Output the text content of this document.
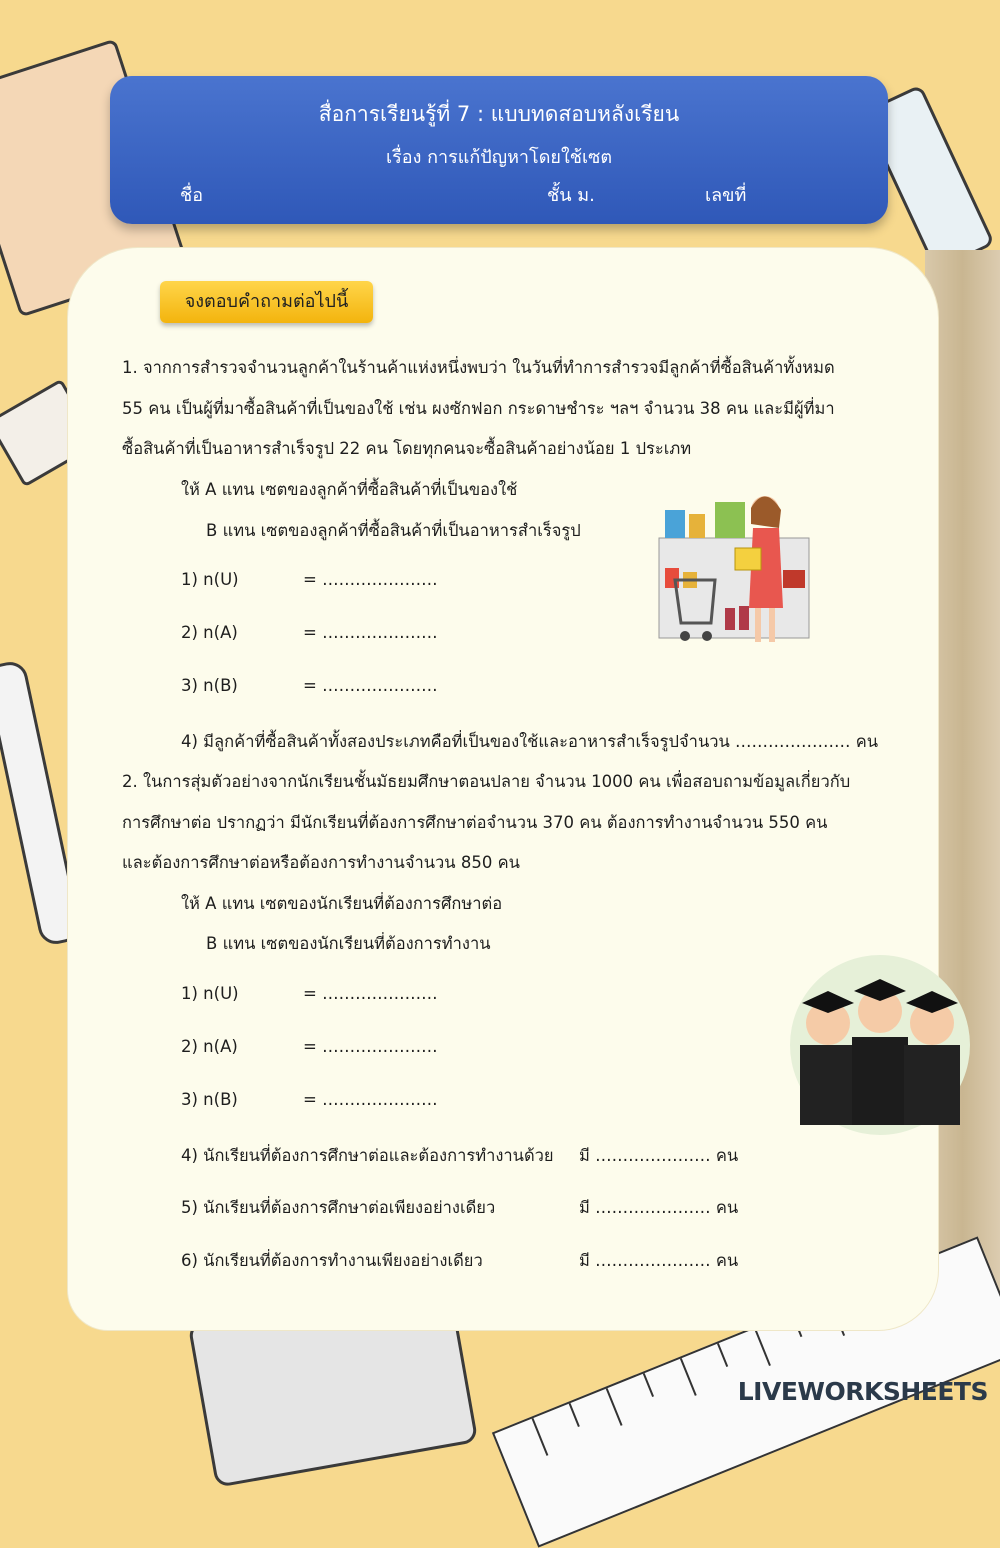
สื่อการเรียนรู้ที่ 7 : แบบทดสอบหลังเรียน
เรื่อง การแก้ปัญหาโดยใช้เซต
ชื่อ	ชั้น ม.	เลขที่
จงตอบคำถามต่อไปนี้
1. จากการสำรวจจำนวนลูกค้าในร้านค้าแห่งหนึ่งพบว่า ในวันที่ทำการสำรวจมีลูกค้าที่ซื้อสินค้าทั้งหมด
55 คน เป็นผู้ที่มาซื้อสินค้าที่เป็นของใช้ เช่น ผงซักฟอก กระดาษชำระ ฯลฯ จำนวน 38 คน และมีผู้ที่มา
ซื้อสินค้าที่เป็นอาหารสำเร็จรูป 22 คน โดยทุกคนจะซื้อสินค้าอย่างน้อย 1 ประเภท
ให้ A แทน เซตของลูกค้าที่ซื้อสินค้าที่เป็นของใช้
B แทน เซตของลูกค้าที่ซื้อสินค้าที่เป็นอาหารสำเร็จรูป
1) n(U)	= …………………
2) n(A)	= …………………
3) n(B)	= …………………
4) มีลูกค้าที่ซื้อสินค้าทั้งสองประเภทคือที่เป็นของใช้และอาหารสำเร็จรูปจำนวน ………………… คน
2. ในการสุ่มตัวอย่างจากนักเรียนชั้นมัธยมศึกษาตอนปลาย จำนวน 1000 คน เพื่อสอบถามข้อมูลเกี่ยวกับ
การศึกษาต่อ ปรากฏว่า มีนักเรียนที่ต้องการศึกษาต่อจำนวน 370 คน ต้องการทำงานจำนวน 550 คน
และต้องการศึกษาต่อหรือต้องการทำงานจำนวน 850 คน
ให้ A แทน เซตของนักเรียนที่ต้องการศึกษาต่อ
B แทน เซตของนักเรียนที่ต้องการทำงาน
1) n(U)	= …………………
2) n(A)	= …………………
3) n(B)	= …………………
4) นักเรียนที่ต้องการศึกษาต่อและต้องการทำงานด้วย มี ………………… คน
5) นักเรียนที่ต้องการศึกษาต่อเพียงอย่างเดียว	มี ………………… คน
6) นักเรียนที่ต้องการทำงานเพียงอย่างเดียว	มี ………………… คน
LIVEWORKSHEETS
